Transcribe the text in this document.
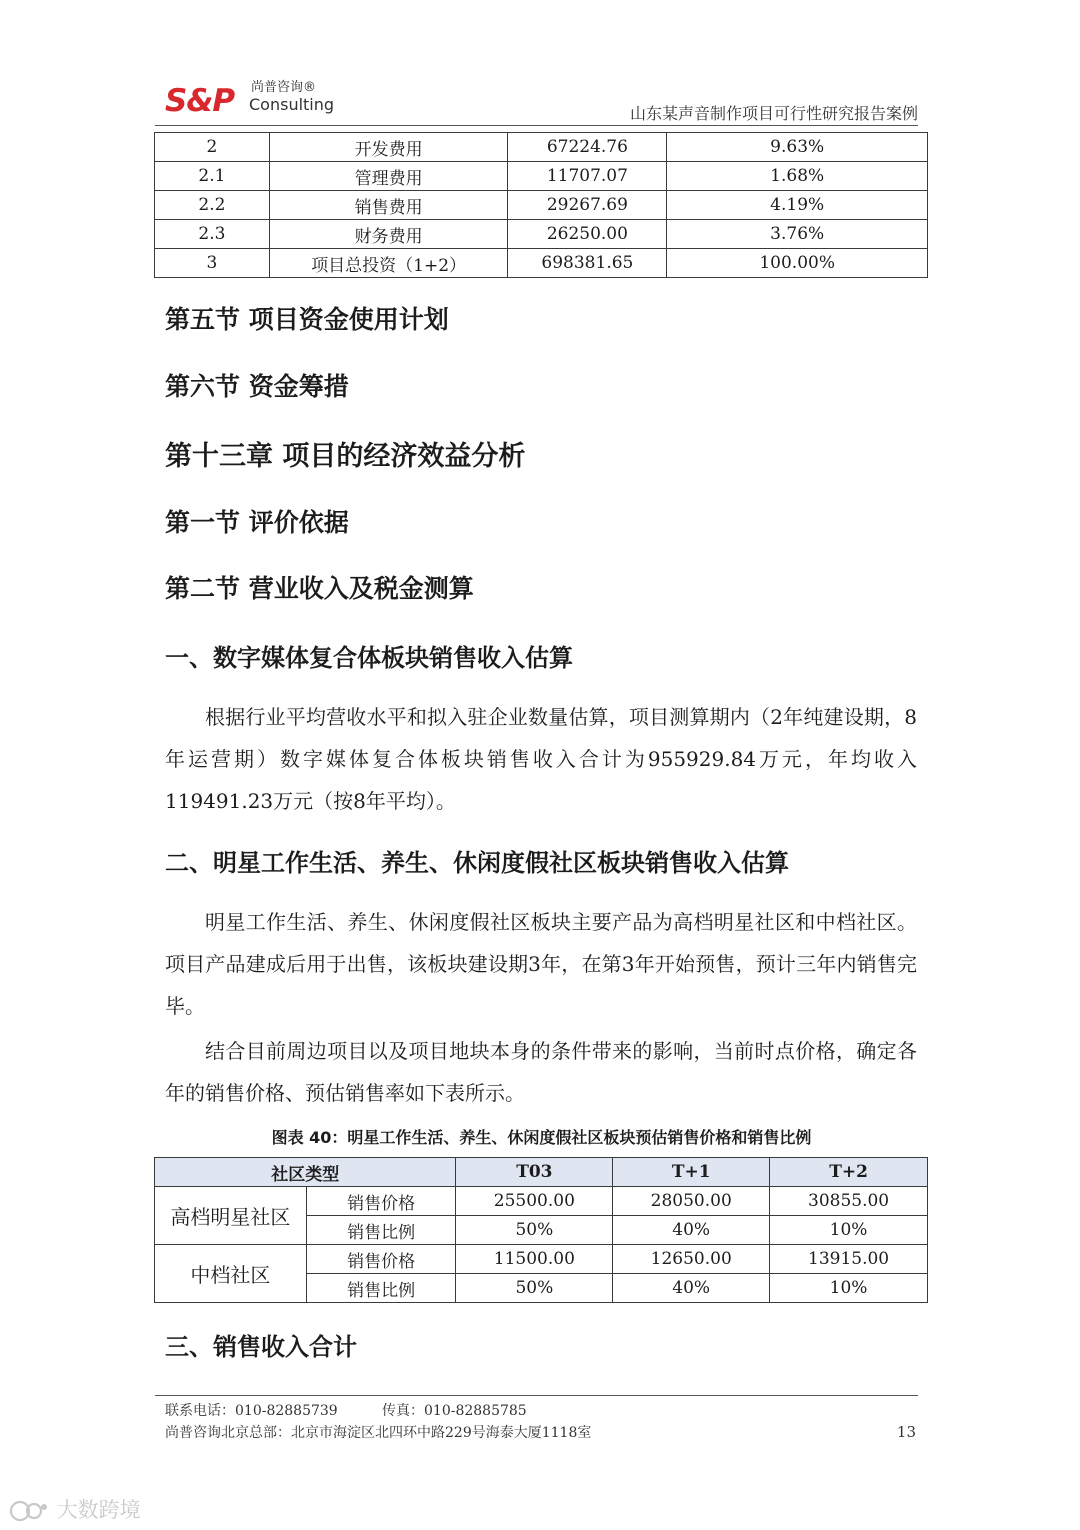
S&P 尚普咨询®
Consulting	山东某声音制作项目可行性研究报告案例
2	开发费用	67224.76	9.63%
2.1	管理费用	11707.07	1.68%
2.2	销售费用	29267.69	4.19%
2.3	财务费用	26250.00	3.76%
3	项目总投资（1+2）	698381.65	100.00%
第五节 项目资金使用计划
第六节 资金筹措
第十三章 项目的经济效益分析
第一节 评价依据
第二节 营业收入及税金测算
一、数字媒体复合体板块销售收入估算
根据行业平均营收水平和拟入驻企业数量估算，项目测算期内（2年纯建设期，8年运营期）数字媒体复合体板块销售收入合计为955929.84万元，年均收入119491.23万元（按8年平均）。
二、明星工作生活、养生、休闲度假社区板块销售收入估算
明星工作生活、养生、休闲度假社区板块主要产品为高档明星社区和中档社区。项目产品建成后用于出售，该板块建设期3年，在第3年开始预售，预计三年内销售完毕。
结合目前周边项目以及项目地块本身的条件带来的影响，当前时点价格，确定各年的销售价格、预估销售率如下表所示。
图表 40：明星工作生活、养生、休闲度假社区板块预估销售价格和销售比例
社区类型		T03	T+1	T+2
高档明星社区	销售价格	25500.00	28050.00	30855.00
	销售比例	50%	40%	10%
中档社区	销售价格	11500.00	12650.00	13915.00
	销售比例	50%	40%	10%
三、销售收入合计
联系电话：010-82885739	传真：010-82885785
尚普咨询北京总部：北京市海淀区北四环中路229号海泰大厦1118室	13
大数跨境
